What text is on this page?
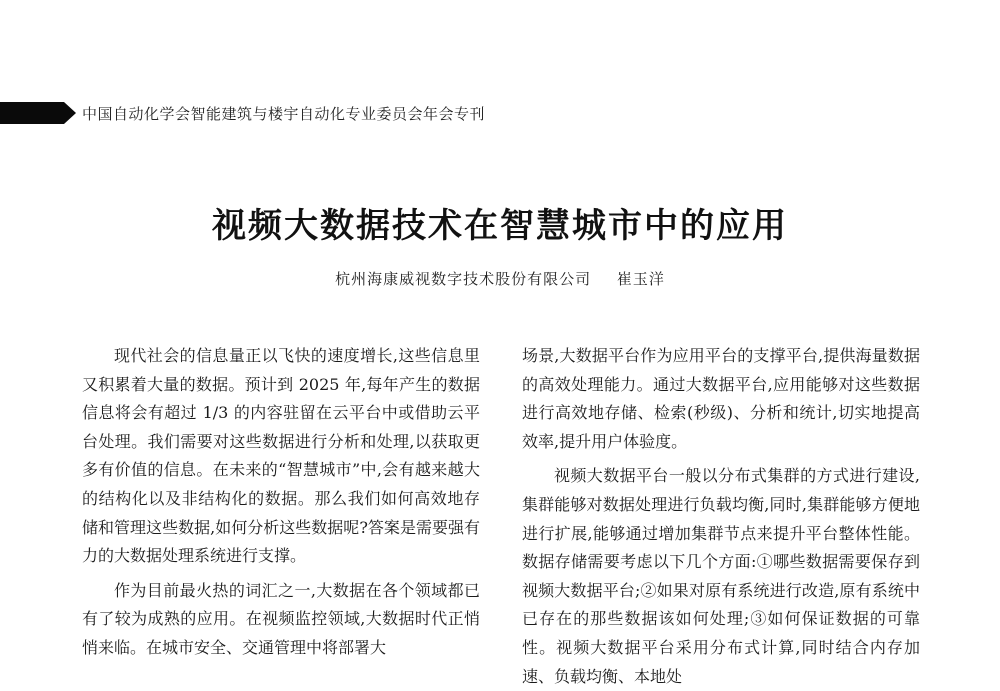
中国自动化学会智能建筑与楼宇自动化专业委员会年会专刊
视频大数据技术在智慧城市中的应用
杭州海康威视数字技术股份有限公司 崔玉洋

现代社会的信息量正以飞快的速度增长,这些信息里又积累着大量的数据。预计到 2025 年,每年产生的数据信息将会有超过 1/3 的内容驻留在云平台中或借助云平台处理。我们需要对这些数据进行分析和处理,以获取更多有价值的信息。在未来的“智慧城市”中,会有越来越大的结构化以及非结构化的数据。那么我们如何高效地存储和管理这些数据,如何分析这些数据呢?答案是需要强有力的大数据处理系统进行支撑。

作为目前最火热的词汇之一,大数据在各个领域都已有了较为成熟的应用。在视频监控领域,大数据时代正悄悄来临。在城市安全、交通管理中将部署大

场景,大数据平台作为应用平台的支撑平台,提供海量数据的高效处理能力。通过大数据平台,应用能够对这些数据进行高效地存储、检索(秒级)、分析和统计,切实地提高效率,提升用户体验度。

视频大数据平台一般以分布式集群的方式进行建设,集群能够对数据处理进行负载均衡,同时,集群能够方便地进行扩展,能够通过增加集群节点来提升平台整体性能。数据存储需要考虑以下几个方面:①哪些数据需要保存到视频大数据平台;②如果对原有系统进行改造,原有系统中已存在的那些数据该如何处理;③如何保证数据的可靠性。视频大数据平台采用分布式计算,同时结合内存加速、负载均衡、本地处
